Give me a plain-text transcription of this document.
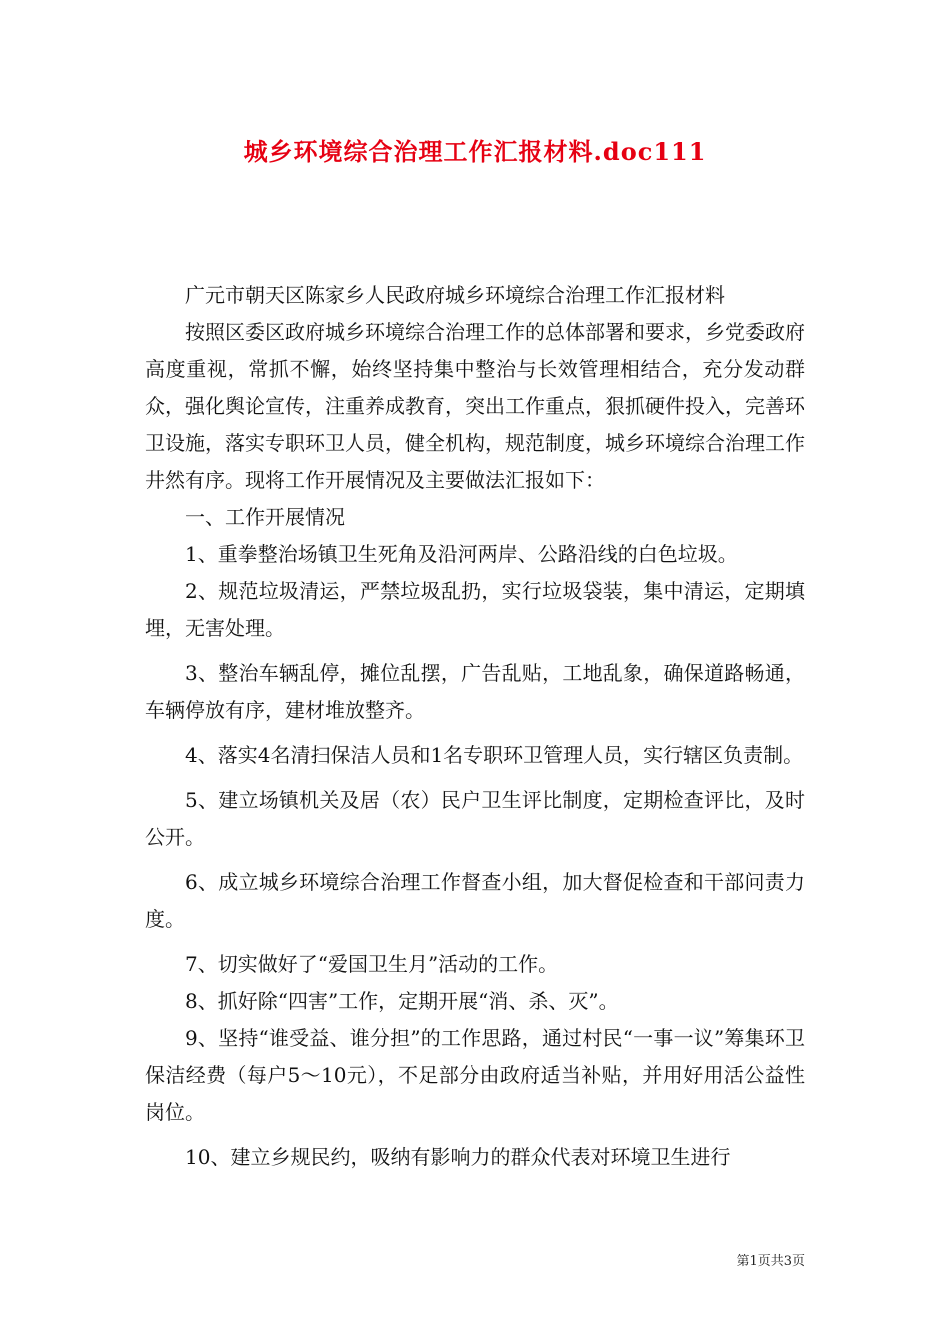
城乡环境综合治理工作汇报材料.doc111

广元市朝天区陈家乡人民政府城乡环境综合治理工作汇报材料

按照区委区政府城乡环境综合治理工作的总体部署和要求，乡党委政府高度重视，常抓不懈，始终坚持集中整治与长效管理相结合，充分发动群众，强化舆论宣传，注重养成教育，突出工作重点，狠抓硬件投入，完善环卫设施，落实专职环卫人员，健全机构，规范制度，城乡环境综合治理工作井然有序。现将工作开展情况及主要做法汇报如下：

一、工作开展情况

1、重拳整治场镇卫生死角及沿河两岸、公路沿线的白色垃圾。

2、规范垃圾清运，严禁垃圾乱扔，实行垃圾袋装，集中清运，定期填埋，无害处理。

3、整治车辆乱停，摊位乱摆，广告乱贴，工地乱象，确保道路畅通，车辆停放有序，建材堆放整齐。

4、落实4名清扫保洁人员和1名专职环卫管理人员，实行辖区负责制。

5、建立场镇机关及居（农）民户卫生评比制度，定期检查评比，及时公开。

6、成立城乡环境综合治理工作督查小组，加大督促检查和干部问责力度。

7、切实做好了“爱国卫生月”活动的工作。

8、抓好除“四害”工作，定期开展“消、杀、灭”。

9、坚持“谁受益、谁分担”的工作思路，通过村民“一事一议”筹集环卫保洁经费（每户5～10元），不足部分由政府适当补贴，并用好用活公益性岗位。

10、建立乡规民约，吸纳有影响力的群众代表对环境卫生进行

第1页共3页
